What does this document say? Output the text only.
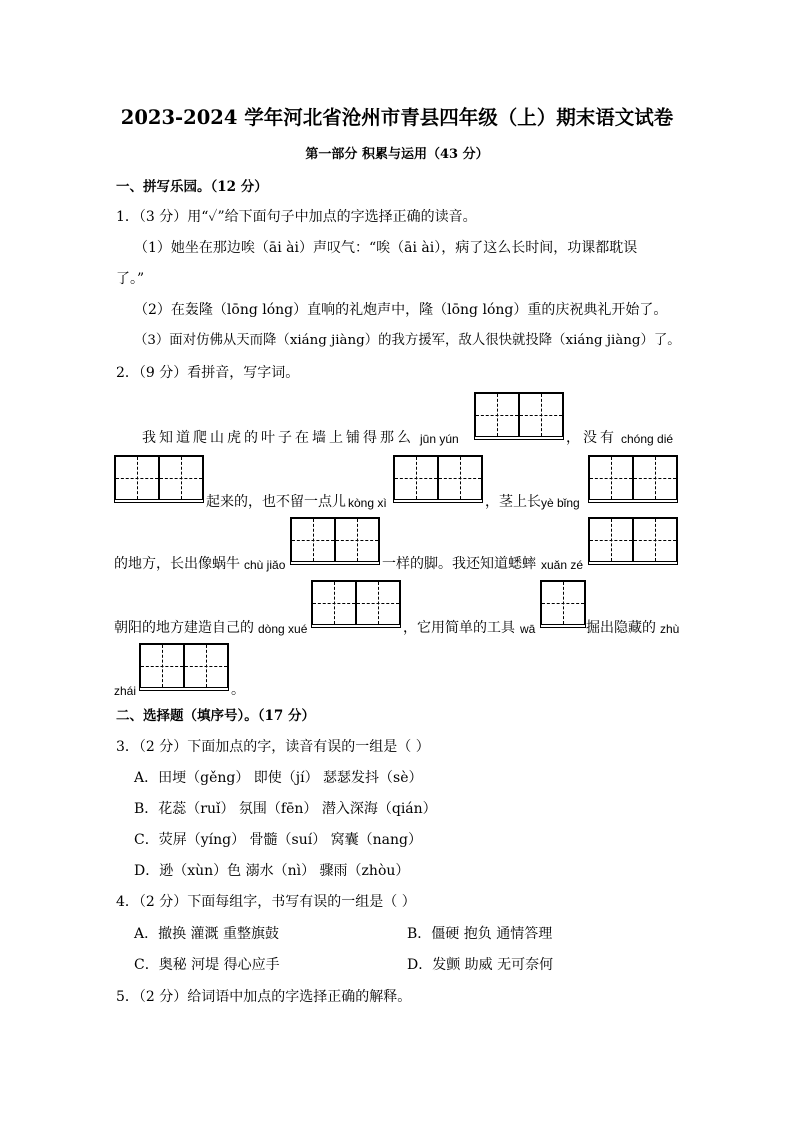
2023-2024 学年河北省沧州市青县四年级（上）期末语文试卷
第一部分 积累与运用（43 分）
一、拼写乐园。（12 分）
1．（3 分）用“✓”给下面句子中加点的字选择正确的读音。
（1）她坐在那边唉（āi ài）声叹气：“唉（āi ài），病了这么长时间，功课都耽误
了。”
（2）在轰隆（lōng lóng）直响的礼炮声中，隆（lōng lóng）重的庆祝典礼开始了。
（3）面对仿佛从天而降（xiáng jiàng）的我方援军，敌人很快就投降（xiáng jiàng）了。
2．（9 分）看拼音，写字词。
我知道爬山虎的叶子在墙上铺得那么 jūn yún	，没有 chóng dié
起来的，也不留一点儿 kòng xì	，茎上长 yè bǐng
的地方，长出像蜗牛 chù jiǎo	一样的脚。我还知道蟋蟀 xuǎn zé
朝阳的地方建造自己的 dòng xué	，它用简单的工具 wā	掘出隐藏的 zhù
zhái	。
二、选择题（填序号）。（17 分）
3．（2 分）下面加点的字，读音有误的一组是（ ）
A．田埂（gěng） 即使（jí） 瑟瑟发抖（sè）
B．花蕊（ruǐ） 氛围（fēn） 潜入深海（qián）
C．荧屏（yíng） 骨髓（suí） 窝囊（nang）
D．逊（xùn）色 溺水（nì） 骤雨（zhòu）
4．（2 分）下面每组字，书写有误的一组是（ ）
A．撤换 灌溉 重整旗鼓	B．僵硬 抱负 通情答理
C．奥秘 河堤 得心应手	D．发颤 助威 无可奈何
5．（2 分）给词语中加点的字选择正确的解释。
